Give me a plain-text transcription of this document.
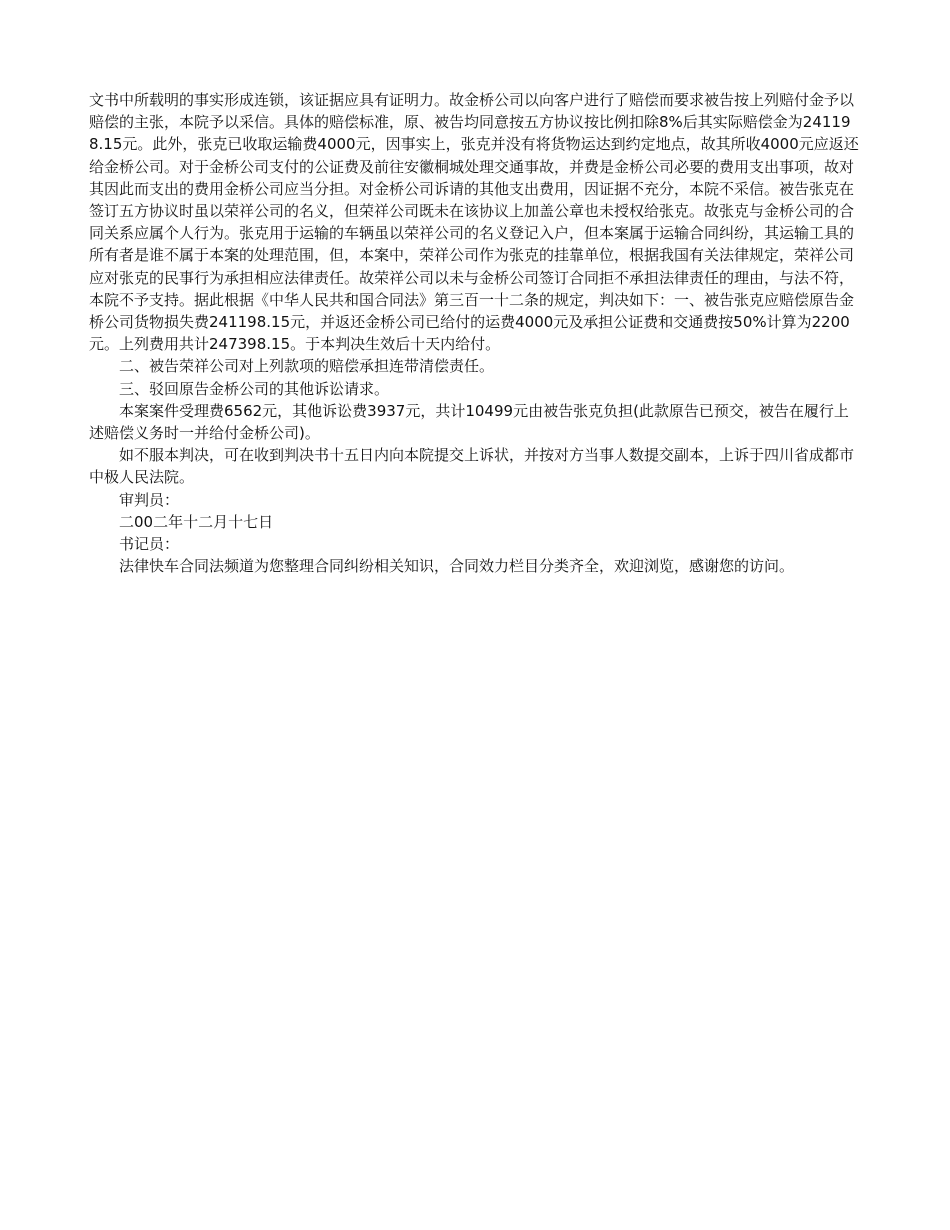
文书中所载明的事实形成连锁，该证据应具有证明力。故金桥公司以向客户进行了赔偿而要求被告按上列赔付金予以赔偿的主张，本院予以采信。具体的赔偿标准，原、被告均同意按五方协议按比例扣除8%后其实际赔偿金为241198.15元。此外，张克已收取运输费4000元，因事实上，张克并没有将货物运达到约定地点，故其所收4000元应返还给金桥公司。对于金桥公司支付的公证费及前往安徽桐城处理交通事故，并费是金桥公司必要的费用支出事项，故对其因此而支出的费用金桥公司应当分担。对金桥公司诉请的其他支出费用，因证据不充分，本院不采信。被告张克在签订五方协议时虽以荣祥公司的名义，但荣祥公司既未在该协议上加盖公章也未授权给张克。故张克与金桥公司的合同关系应属个人行为。张克用于运输的车辆虽以荣祥公司的名义登记入户，但本案属于运输合同纠纷，其运输工具的所有者是谁不属于本案的处理范围，但，本案中，荣祥公司作为张克的挂靠单位，根据我国有关法律规定，荣祥公司应对张克的民事行为承担相应法律责任。故荣祥公司以未与金桥公司签订合同拒不承担法律责任的理由，与法不符，本院不予支持。据此根据《中华人民共和国合同法》第三百一十二条的规定，判决如下：一、被告张克应赔偿原告金桥公司货物损失费241198.15元，并返还金桥公司已给付的运费4000元及承担公证费和交通费按50%计算为2200元。上列费用共计247398.15。于本判决生效后十天内给付。

二、被告荣祥公司对上列款项的赔偿承担连带清偿责任。

三、驳回原告金桥公司的其他诉讼请求。

本案案件受理费6562元，其他诉讼费3937元，共计10499元由被告张克负担(此款原告已预交，被告在履行上述赔偿义务时一并给付金桥公司)。

如不服本判决，可在收到判决书十五日内向本院提交上诉状，并按对方当事人数提交副本，上诉于四川省成都市中极人民法院。

审判员：

二00二年十二月十七日

书记员：

法律快车合同法频道为您整理合同纠纷相关知识，合同效力栏目分类齐全，欢迎浏览，感谢您的访问。
